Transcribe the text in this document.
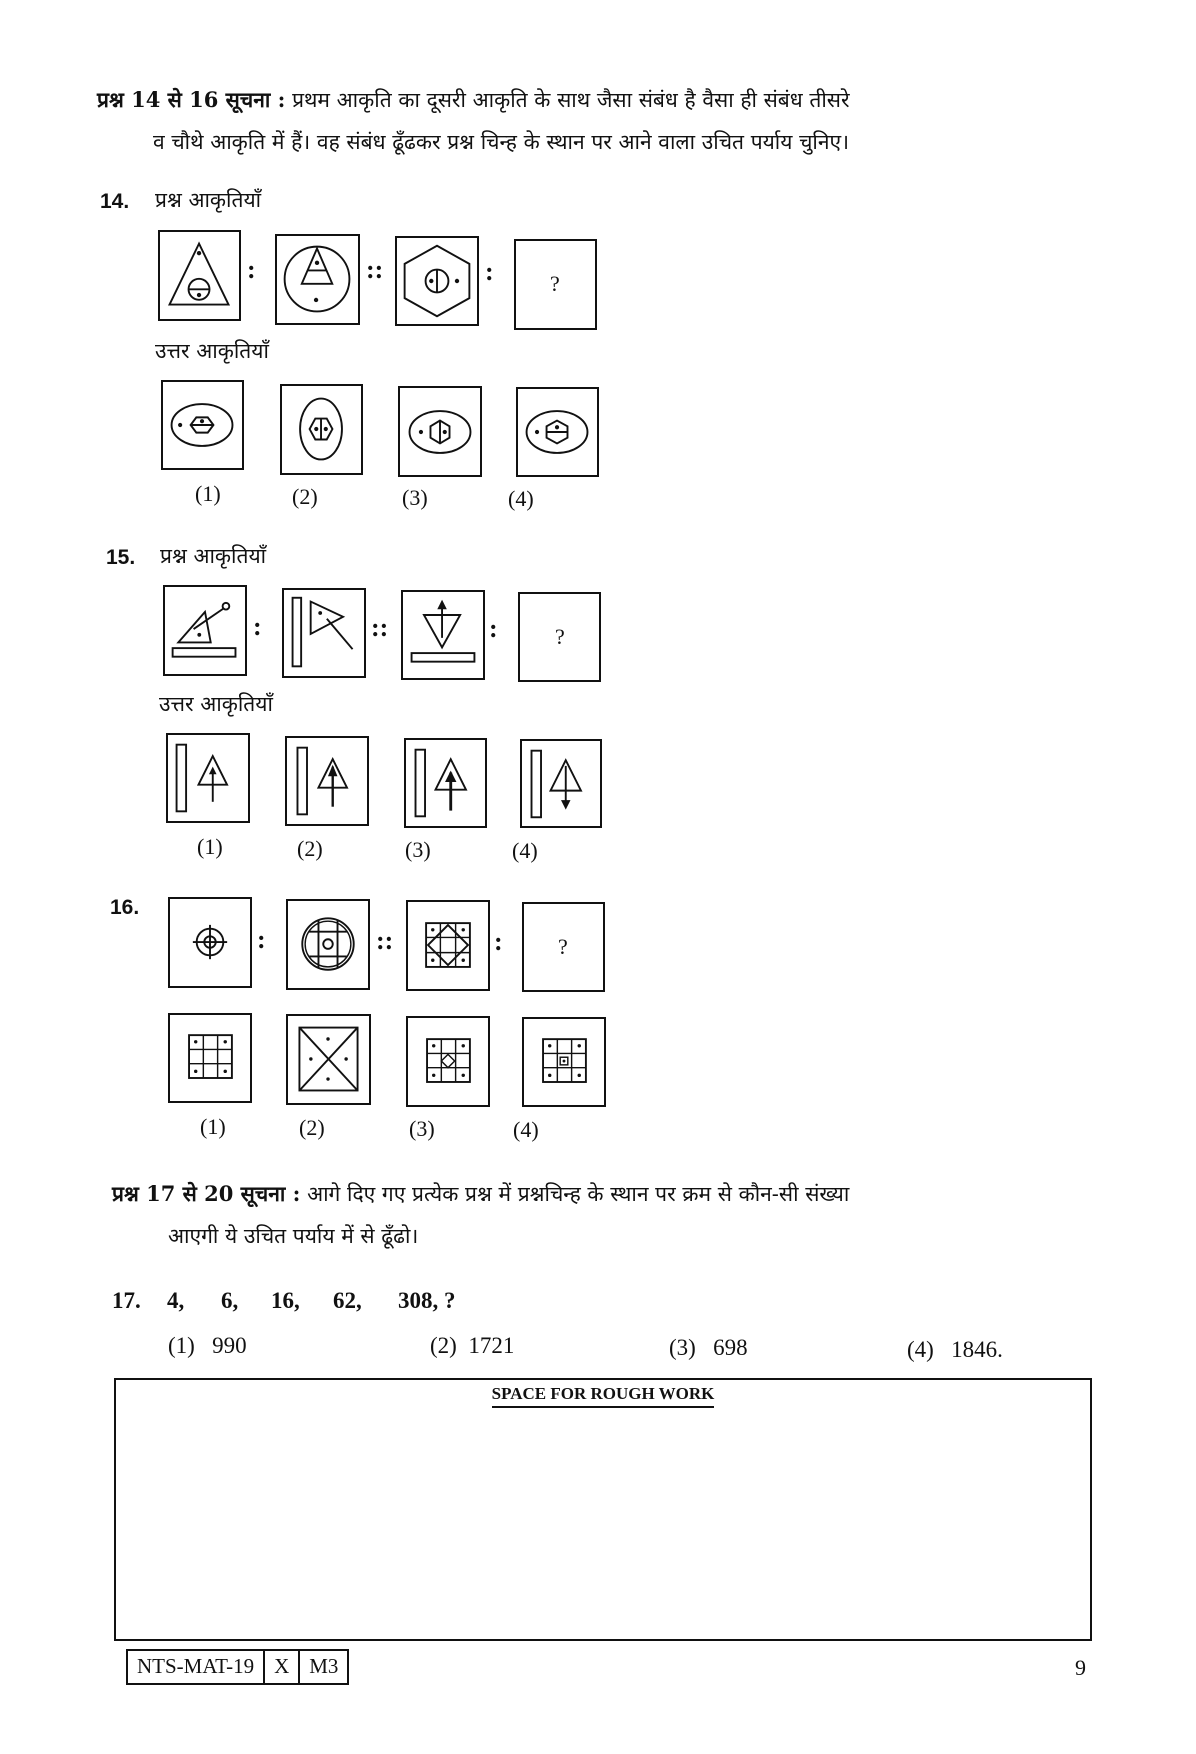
प्रश्न 14 से 16 सूचना : प्रथम आकृति का दूसरी आकृति के साथ जैसा संबंध है वैसा ही संबंध तीसरे
व चौथे आकृति में हैं। वह संबंध ढूँढकर प्रश्न चिन्ह के स्थान पर आने वाला उचित पर्याय चुनिए।
14. प्रश्न आकृतियाँ
:	::	:	?
उत्तर आकृतियाँ
(1)	(2)	(3)	(4)
15. प्रश्न आकृतियाँ
:	::	:	?
उत्तर आकृतियाँ
(1)	(2)	(3)	(4)
16.
:	::	:	?
(1)	(2)	(3)	(4)
प्रश्न 17 से 20 सूचना : आगे दिए गए प्रत्येक प्रश्न में प्रश्नचिन्ह के स्थान पर क्रम से कौन-सी संख्या
आएगी ये उचित पर्याय में से ढूँढो।
17. 4, 6, 16, 62, 308, ?
(1) 990	(2) 1721	(3) 698	(4) 1846.
SPACE FOR ROUGH WORK
NTS-MAT-19 X M3	9
